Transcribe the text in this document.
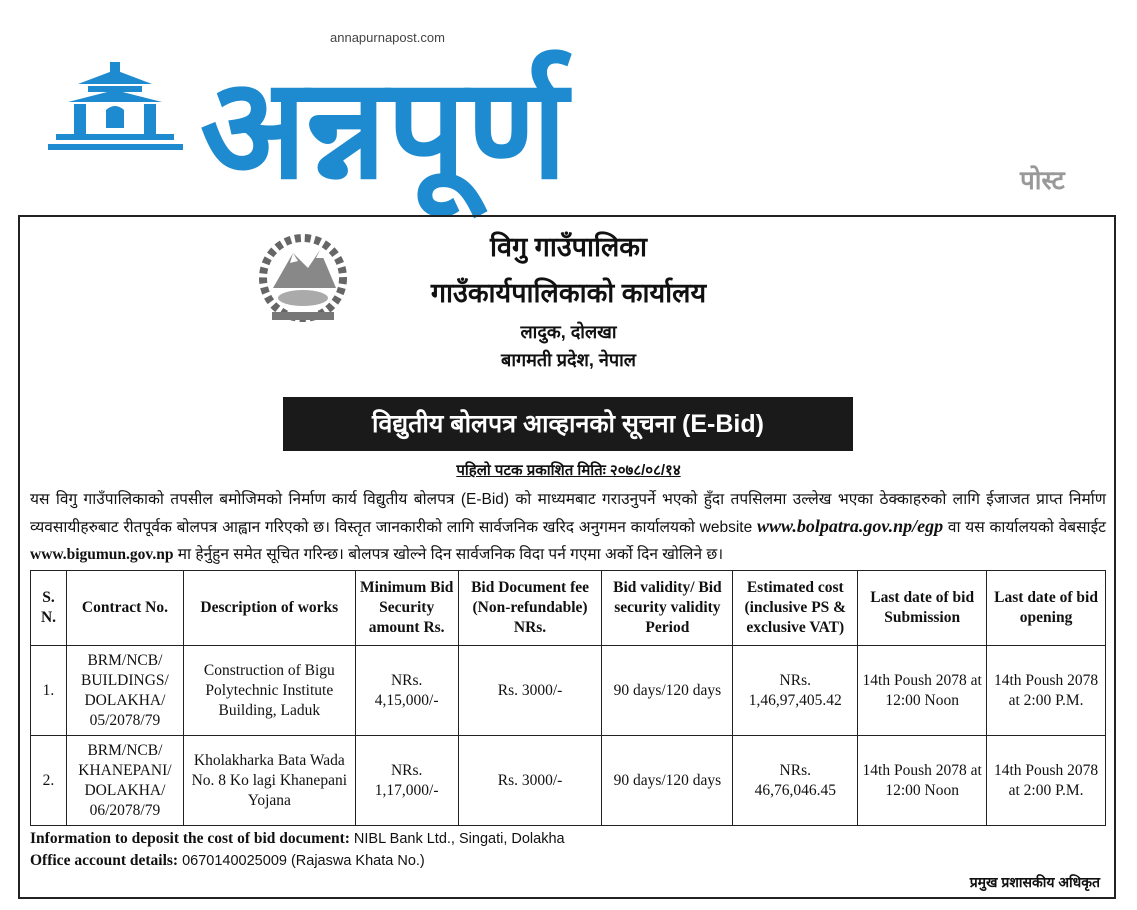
annapurnapost.com
अन्नपूर्ण	पोस्ट
विगु गाउँपालिका
गाउँकार्यपालिकाको कार्यालय
लादुक, दोलखा
बागमती प्रदेश, नेपाल
विद्युतीय बोलपत्र आव्हानको सूचना (E-Bid)
पहिलो पटक प्रकाशित मितिः २०७८/०८/१४
यस विगु गाउँपालिकाको तपसील बमोजिमको निर्माण कार्य विद्युतीय बोलपत्र (E-Bid) को माध्यमबाट गराउनुपर्ने भएको हुँदा तपसिलमा उल्लेख भएका ठेक्काहरुको लागि ईजाजत प्राप्त निर्माण व्यवसायीहरुबाट रीतपूर्वक बोलपत्र आह्वान गरिएको छ। विस्तृत जानकारीको लागि सार्वजनिक खरिद अनुगमन कार्यालयको website www.bolpatra.gov.np/egp वा यस कार्यालयको वेबसाईट www.bigumun.gov.np मा हेर्नुहुन समेत सूचित गरिन्छ। बोलपत्र खोल्ने दिन सार्वजनिक विदा पर्न गएमा अर्को दिन खोलिने छ।
S. N.	Contract No.	Description of works	Minimum Bid Security amount Rs.	Bid Document fee (Non-refundable) NRs.	Bid validity/ Bid security validity Period	Estimated cost (inclusive PS & exclusive VAT)	Last date of bid Submission	Last date of bid opening
1.	BRM/NCB/ BUILDINGS/ DOLAKHA/ 05/2078/79	Construction of Bigu Polytechnic Institute Building, Laduk	NRs. 4,15,000/-	Rs. 3000/-	90 days/120 days	NRs. 1,46,97,405.42	14th Poush 2078 at 12:00 Noon	14th Poush 2078 at 2:00 P.M.
2.	BRM/NCB/ KHANEPANI/ DOLAKHA/ 06/2078/79	Kholakharka Bata Wada No. 8 Ko lagi Khanepani Yojana	NRs. 1,17,000/-	Rs. 3000/-	90 days/120 days	NRs. 46,76,046.45	14th Poush 2078 at 12:00 Noon	14th Poush 2078 at 2:00 P.M.
Information to deposit the cost of bid document: NIBL Bank Ltd., Singati, Dolakha
Office account details: 0670140025009 (Rajaswa Khata No.)
प्रमुख प्रशासकीय अधिकृत
